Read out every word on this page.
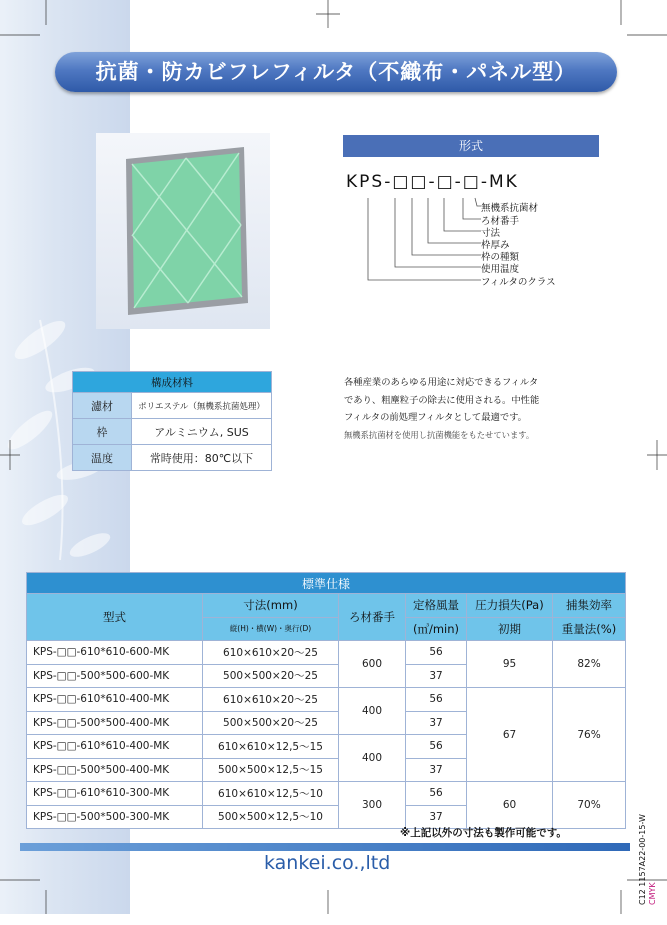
抗菌・防カビフレフィルタ（不織布・パネル型）
形式
KPS-□□-□-□-MK
無機系抗菌材
ろ材番手
寸法
枠厚み
枠の種類
使用温度
フィルタのクラス
構成材料	
濾材	ポリエステル（無機系抗菌処理）
枠	アルミニウム, SUS
温度	常時使用：80℃以下
各種産業のあらゆる用途に対応できるフィルタ
であり、粗塵粒子の除去に使用される。中性能
フィルタの前処理フィルタとして最適です。
無機系抗菌材を使用し抗菌機能をもたせています。
標準仕様					
型式	寸法(mm)	ろ材番手	定格風量	圧力損失(Pa)	捕集効率
	縦(H)・横(W)・奥行(D)		(㎥/min)	初期	重量法(%)
KPS-□□-610*610-600-MK	610×610×20～25	600	56	95	82%
KPS-□□-500*500-600-MK	500×500×20～25		37		
KPS-□□-610*610-400-MK	610×610×20～25	400	56	67	76%
KPS-□□-500*500-400-MK	500×500×20～25		37		
KPS-□□-610*610-400-MK	610×610×12,5～15	400	56		
KPS-□□-500*500-400-MK	500×500×12,5～15		37		
KPS-□□-610*610-300-MK	610×610×12,5～10	300	56	60	70%
KPS-□□-500*500-300-MK	500×500×12,5～10		37		
※上記以外の寸法も製作可能です。
kankei.co.,ltd	C12 1157A22-00-15-W CMYK
